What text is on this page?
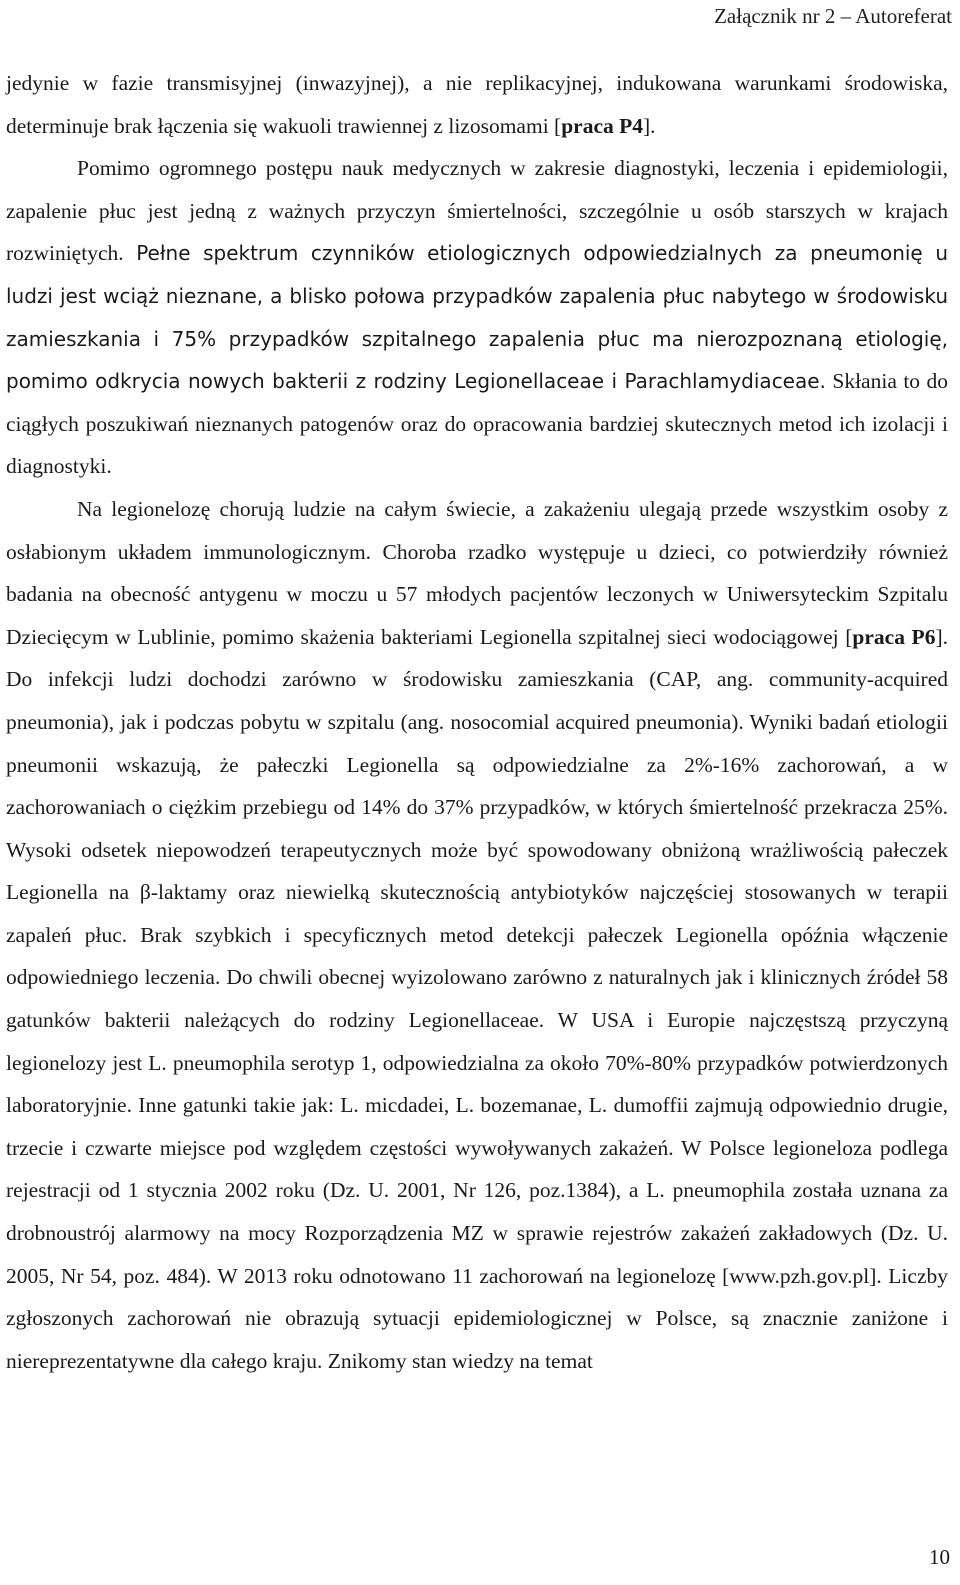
Załącznik nr 2 – Autoreferat

jedynie w fazie transmisyjnej (inwazyjnej), a nie replikacyjnej, indukowana warunkami środowiska, determinuje brak łączenia się wakuoli trawiennej z lizosomami [praca P4].

Pomimo ogromnego postępu nauk medycznych w zakresie diagnostyki, leczenia i epidemiologii, zapalenie płuc jest jedną z ważnych przyczyn śmiertelności, szczególnie u osób starszych w krajach rozwiniętych. Pełne spektrum czynników etiologicznych odpowiedzialnych za pneumonię u ludzi jest wciąż nieznane, a blisko połowa przypadków zapalenia płuc nabytego w środowisku zamieszkania i 75% przypadków szpitalnego zapalenia płuc ma nierozpoznaną etiologię, pomimo odkrycia nowych bakterii z rodziny Legionellaceae i Parachlamydiaceae. Skłania to do ciągłych poszukiwań nieznanych patogenów oraz do opracowania bardziej skutecznych metod ich izolacji i diagnostyki.

Na legionelozę chorują ludzie na całym świecie, a zakażeniu ulegają przede wszystkim osoby z osłabionym układem immunologicznym. Choroba rzadko występuje u dzieci, co potwierdziły również badania na obecność antygenu w moczu u 57 młodych pacjentów leczonych w Uniwersyteckim Szpitalu Dziecięcym w Lublinie, pomimo skażenia bakteriami Legionella szpitalnej sieci wodociągowej [praca P6]. Do infekcji ludzi dochodzi zarówno w środowisku zamieszkania (CAP, ang. community-acquired pneumonia), jak i podczas pobytu w szpitalu (ang. nosocomial acquired pneumonia). Wyniki badań etiologii pneumonii wskazują, że pałeczki Legionella są odpowiedzialne za 2%-16% zachorowań, a w zachorowaniach o ciężkim przebiegu od 14% do 37% przypadków, w których śmiertelność przekracza 25%. Wysoki odsetek niepowodzeń terapeutycznych może być spowodowany obniżoną wrażliwością pałeczek Legionella na β-laktamy oraz niewielką skutecznością antybiotyków najczęściej stosowanych w terapii zapaleń płuc. Brak szybkich i specyficznych metod detekcji pałeczek Legionella opóźnia włączenie odpowiedniego leczenia. Do chwili obecnej wyizolowano zarówno z naturalnych jak i klinicznych źródeł 58 gatunków bakterii należących do rodziny Legionellaceae. W USA i Europie najczęstszą przyczyną legionelozy jest L. pneumophila serotyp 1, odpowiedzialna za około 70%-80% przypadków potwierdzonych laboratoryjnie. Inne gatunki takie jak: L. micdadei, L. bozemanae, L. dumoffii zajmują odpowiednio drugie, trzecie i czwarte miejsce pod względem częstości wywoływanych zakażeń. W Polsce legioneloza podlega rejestracji od 1 stycznia 2002 roku (Dz. U. 2001, Nr 126, poz.1384), a L. pneumophila została uznana za drobnoustrój alarmowy na mocy Rozporządzenia MZ w sprawie rejestrów zakażeń zakładowych (Dz. U. 2005, Nr 54, poz. 484). W 2013 roku odnotowano 11 zachorowań na legionelozę [www.pzh.gov.pl]. Liczby zgłoszonych zachorowań nie obrazują sytuacji epidemiologicznej w Polsce, są znacznie zaniżone i niereprezentatywne dla całego kraju. Znikomy stan wiedzy na temat

10
